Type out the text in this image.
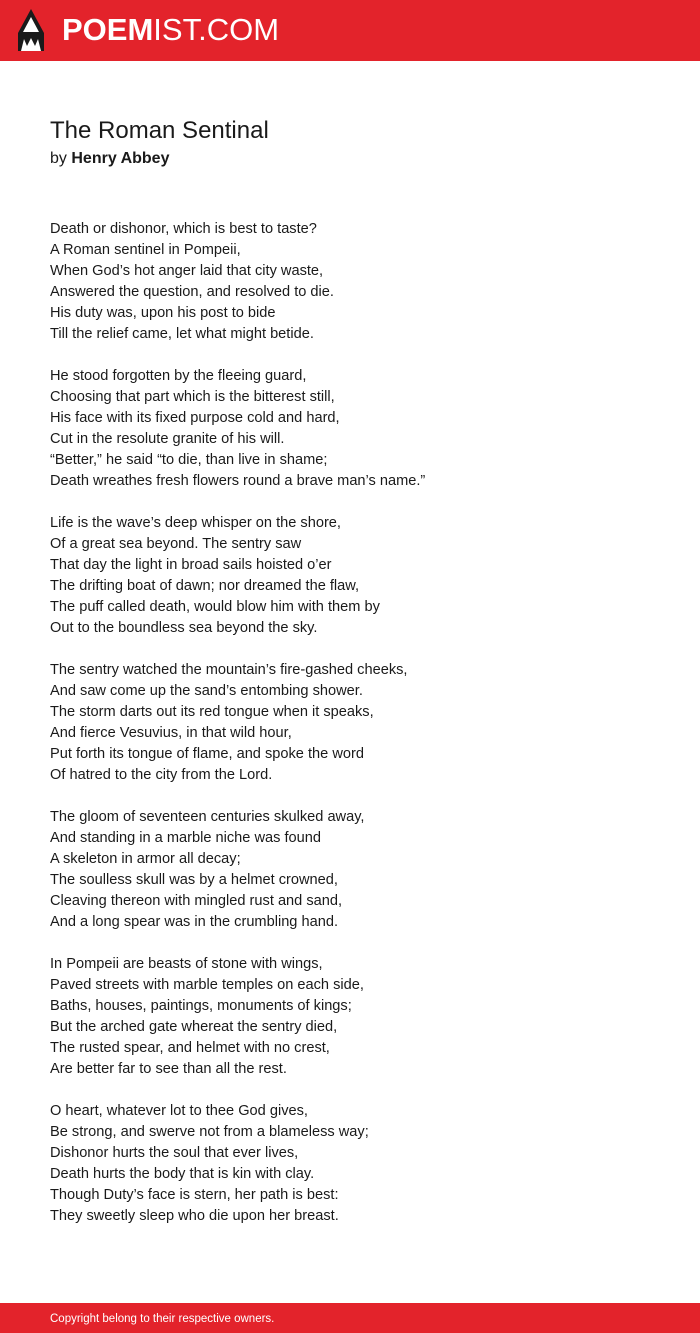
POEMIST.COM
The Roman Sentinal
by Henry Abbey
Death or dishonor, which is best to taste?
A Roman sentinel in Pompeii,
When God’s hot anger laid that city waste,
Answered the question, and resolved to die.
His duty was, upon his post to bide
Till the relief came, let what might betide.
He stood forgotten by the fleeing guard,
Choosing that part which is the bitterest still,
His face with its fixed purpose cold and hard,
Cut in the resolute granite of his will.
“Better,” he said “to die, than live in shame;
Death wreathes fresh flowers round a brave man’s name.”
Life is the wave’s deep whisper on the shore,
Of a great sea beyond. The sentry saw
That day the light in broad sails hoisted o’er
The drifting boat of dawn; nor dreamed the flaw,
The puff called death, would blow him with them by
Out to the boundless sea beyond the sky.
The sentry watched the mountain’s fire-gashed cheeks,
And saw come up the sand’s entombing shower.
The storm darts out its red tongue when it speaks,
And fierce Vesuvius, in that wild hour,
Put forth its tongue of flame, and spoke the word
Of hatred to the city from the Lord.
The gloom of seventeen centuries skulked away,
And standing in a marble niche was found
A skeleton in armor all decay;
The soulless skull was by a helmet crowned,
Cleaving thereon with mingled rust and sand,
And a long spear was in the crumbling hand.
In Pompeii are beasts of stone with wings,
Paved streets with marble temples on each side,
Baths, houses, paintings, monuments of kings;
But the arched gate whereat the sentry died,
The rusted spear, and helmet with no crest,
Are better far to see than all the rest.
O heart, whatever lot to thee God gives,
Be strong, and swerve not from a blameless way;
Dishonor hurts the soul that ever lives,
Death hurts the body that is kin with clay.
Though Duty’s face is stern, her path is best:
They sweetly sleep who die upon her breast.
Copyright belong to their respective owners.
